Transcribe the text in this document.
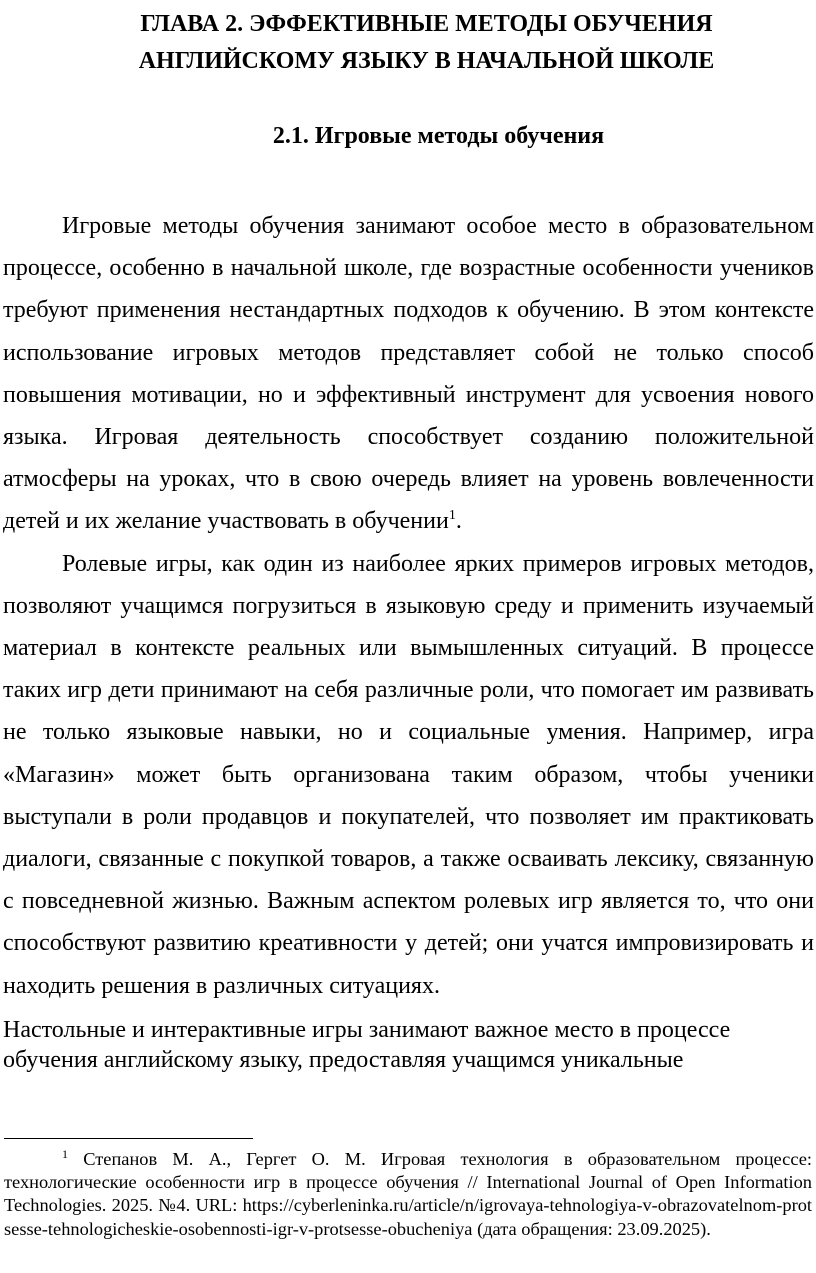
ГЛАВА 2. ЭФФЕКТИВНЫЕ МЕТОДЫ ОБУЧЕНИЯ
АНГЛИЙСКОМУ ЯЗЫКУ В НАЧАЛЬНОЙ ШКОЛЕ
2.1. Игровые методы обучения

Игровые методы обучения занимают особое место в образовательном процессе, особенно в начальной школе, где возрастные особенности учеников требуют применения нестандартных подходов к обучению. В этом контексте использование игровых методов представляет собой не только способ повышения мотивации, но и эффективный инструмент для усвоения нового языка. Игровая деятельность способствует созданию положительной атмосферы на уроках, что в свою очередь влияет на уровень вовлеченности детей и их желание участвовать в обучении$^1$.

Ролевые игры, как один из наиболее ярких примеров игровых методов, позволяют учащимся погрузиться в языковую среду и применить изучаемый материал в контексте реальных или вымышленных ситуаций. В процессе таких игр дети принимают на себя различные роли, что помогает им развивать не только языковые навыки, но и социальные умения. Например, игра «Магазин» может быть организована таким образом, чтобы ученики выступали в роли продавцов и покупателей, что позволяет им практиковать диалоги, связанные с покупкой товаров, а также осваивать лексику, связанную с повседневной жизнью. Важным аспектом ролевых игр является то, что они способствуют развитию креативности у детей; они учатся импровизировать и находить решения в различных ситуациях.

Настольные и интерактивные игры занимают важное место в процессе
обучения английскому языку, предоставляя учащимся уникальные

$^1$ Степанов М. А., Гергет О. М. Игровая технология в образовательном процессе: технологические особенности игр в процессе обучения // International Journal of Open Information Technologies. 2025. №4. URL: https://cyberleninka.ru/article/n/igrovaya-tehnologiya-v-obrazovatelnom-protsesse-tehnologicheskie-osobennosti-igr-v-protsesse-obucheniya (дата обращения: 23.09.2025).
